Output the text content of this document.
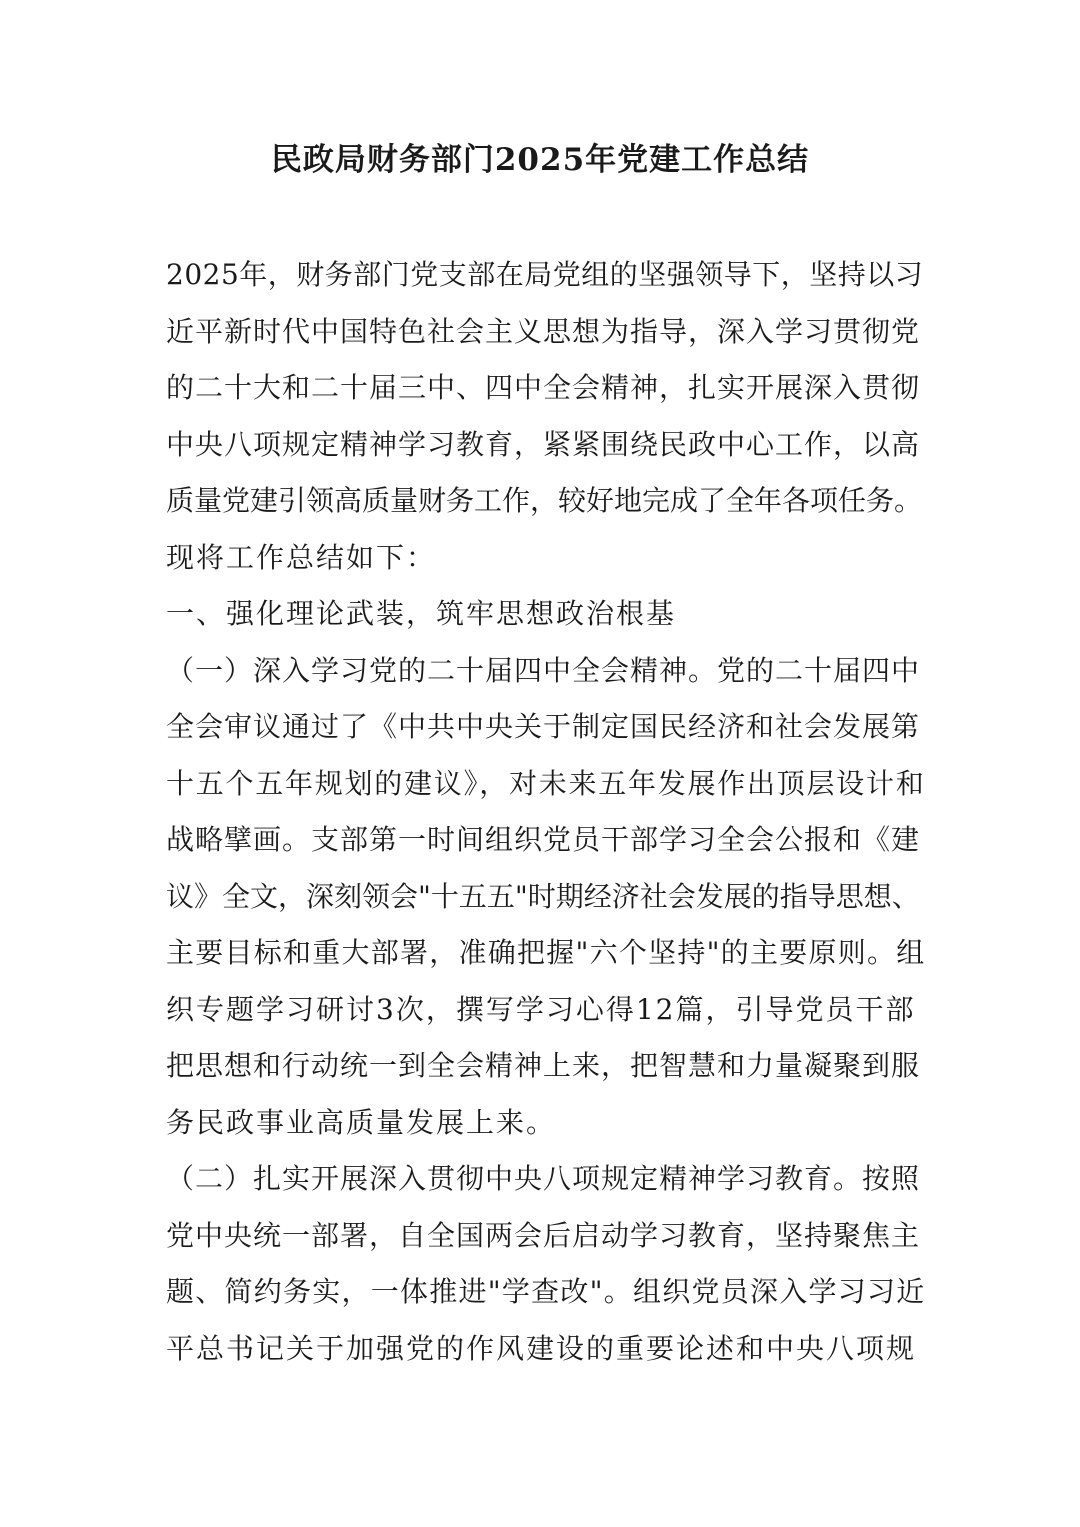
民政局财务部门2025年党建工作总结
2025年，财务部门党支部在局党组的坚强领导下，坚持以习
近平新时代中国特色社会主义思想为指导，深入学习贯彻党
的二十大和二十届三中、四中全会精神，扎实开展深入贯彻
中央八项规定精神学习教育，紧紧围绕民政中心工作，以高
质量党建引领高质量财务工作，较好地完成了全年各项任务。
现将工作总结如下：
一、强化理论武装，筑牢思想政治根基
（一）深入学习党的二十届四中全会精神。党的二十届四中
全会审议通过了《中共中央关于制定国民经济和社会发展第
十五个五年规划的建议》，对未来五年发展作出顶层设计和
战略擘画。支部第一时间组织党员干部学习全会公报和《建
议》全文，深刻领会"十五五"时期经济社会发展的指导思想、
主要目标和重大部署，准确把握"六个坚持"的主要原则。组
织专题学习研讨3次，撰写学习心得12篇，引导党员干部
把思想和行动统一到全会精神上来，把智慧和力量凝聚到服
务民政事业高质量发展上来。
（二）扎实开展深入贯彻中央八项规定精神学习教育。按照
党中央统一部署，自全国两会后启动学习教育，坚持聚焦主
题、简约务实，一体推进"学查改"。组织党员深入学习习近
平总书记关于加强党的作风建设的重要论述和中央八项规
